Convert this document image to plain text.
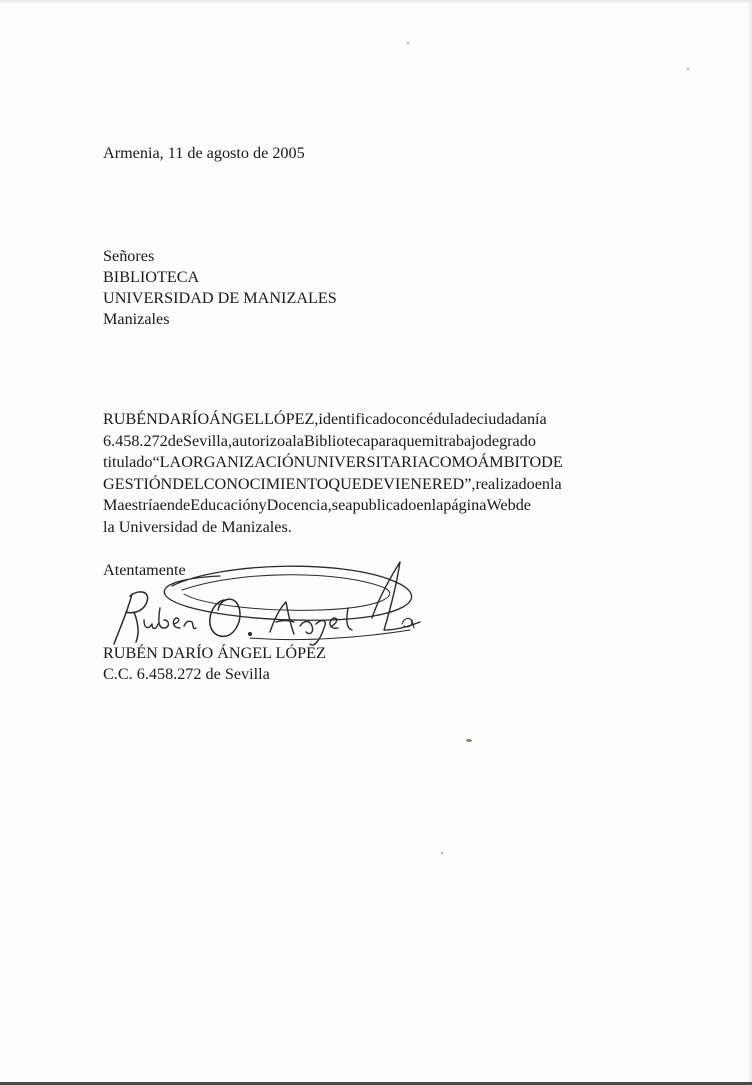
Armenia, 11 de agosto de 2005
Señores
BIBLIOTECA
UNIVERSIDAD DE MANIZALES
Manizales
RUBÉNDARÍOÁNGELLÓPEZ,identificadoconcéduladeciudadanía
6.458.272deSevilla,autorizoalaBibliotecaparaquemitrabajodegrado
titulado“LAORGANIZACIÓNUNIVERSITARIACOMOÁMBITODE
GESTIÓNDELCONOCIMIENTOQUEDEVIENERED”,realizadoenla
MaestríaendeEducaciónyDocencia,seapublicadoenlapáginaWebde
la Universidad de Manizales.
Atentamente
RUBÉN DARÍO ÁNGEL LÓPEZ
C.C. 6.458.272 de Sevilla
